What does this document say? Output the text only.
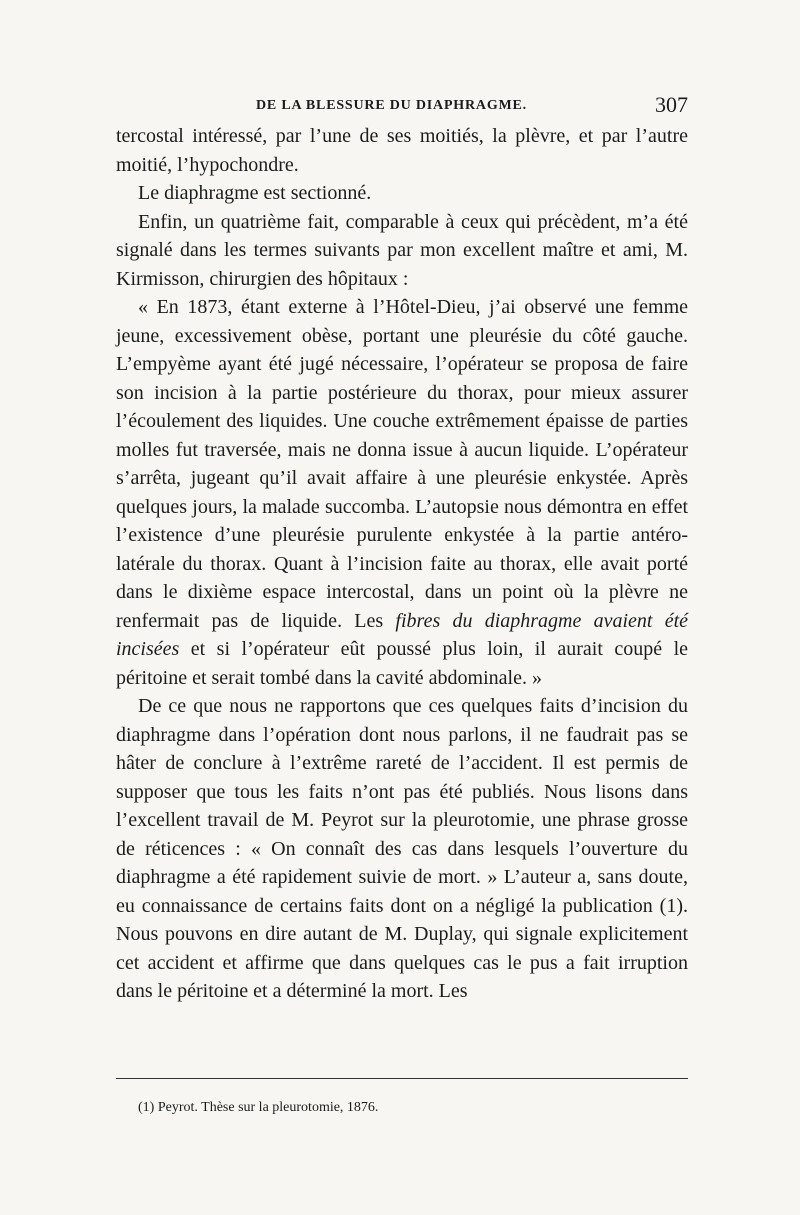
DE LA BLESSURE DU DIAPHRAGME.	307

tercostal intéressé, par l’une de ses moitiés, la plèvre, et par l’autre moitié, l’hypochondre.

Le diaphragme est sectionné.

Enfin, un quatrième fait, comparable à ceux qui précèdent, m’a été signalé dans les termes suivants par mon excellent maître et ami, M. Kirmisson, chirurgien des hôpitaux :

« En 1873, étant externe à l’Hôtel-Dieu, j’ai observé une femme jeune, excessivement obèse, portant une pleurésie du côté gauche. L’empyème ayant été jugé nécessaire, l’opérateur se proposa de faire son incision à la partie postérieure du thorax, pour mieux assurer l’écoulement des liquides. Une couche extrêmement épaisse de parties molles fut traversée, mais ne donna issue à aucun liquide. L’opérateur s’arrêta, jugeant qu’il avait affaire à une pleurésie enkystée. Après quelques jours, la malade succomba. L’autopsie nous démontra en effet l’existence d’une pleurésie purulente enkystée à la partie antéro-latérale du thorax. Quant à l’incision faite au thorax, elle avait porté dans le dixième espace intercostal, dans un point où la plèvre ne renfermait pas de liquide. Les fibres du diaphragme avaient été incisées et si l’opérateur eût poussé plus loin, il aurait coupé le péritoine et serait tombé dans la cavité abdominale. »

De ce que nous ne rapportons que ces quelques faits d’incision du diaphragme dans l’opération dont nous parlons, il ne faudrait pas se hâter de conclure à l’extrême rareté de l’accident. Il est permis de supposer que tous les faits n’ont pas été publiés. Nous lisons dans l’excellent travail de M. Peyrot sur la pleurotomie, une phrase grosse de réticences : « On connaît des cas dans lesquels l’ouverture du diaphragme a été rapidement suivie de mort. » L’auteur a, sans doute, eu connaissance de certains faits dont on a négligé la publication (1). Nous pouvons en dire autant de M. Duplay, qui signale explicitement cet accident et affirme que dans quelques cas le pus a fait irruption dans le péritoine et a déterminé la mort. Les

(1) Peyrot. Thèse sur la pleurotomie, 1876.
